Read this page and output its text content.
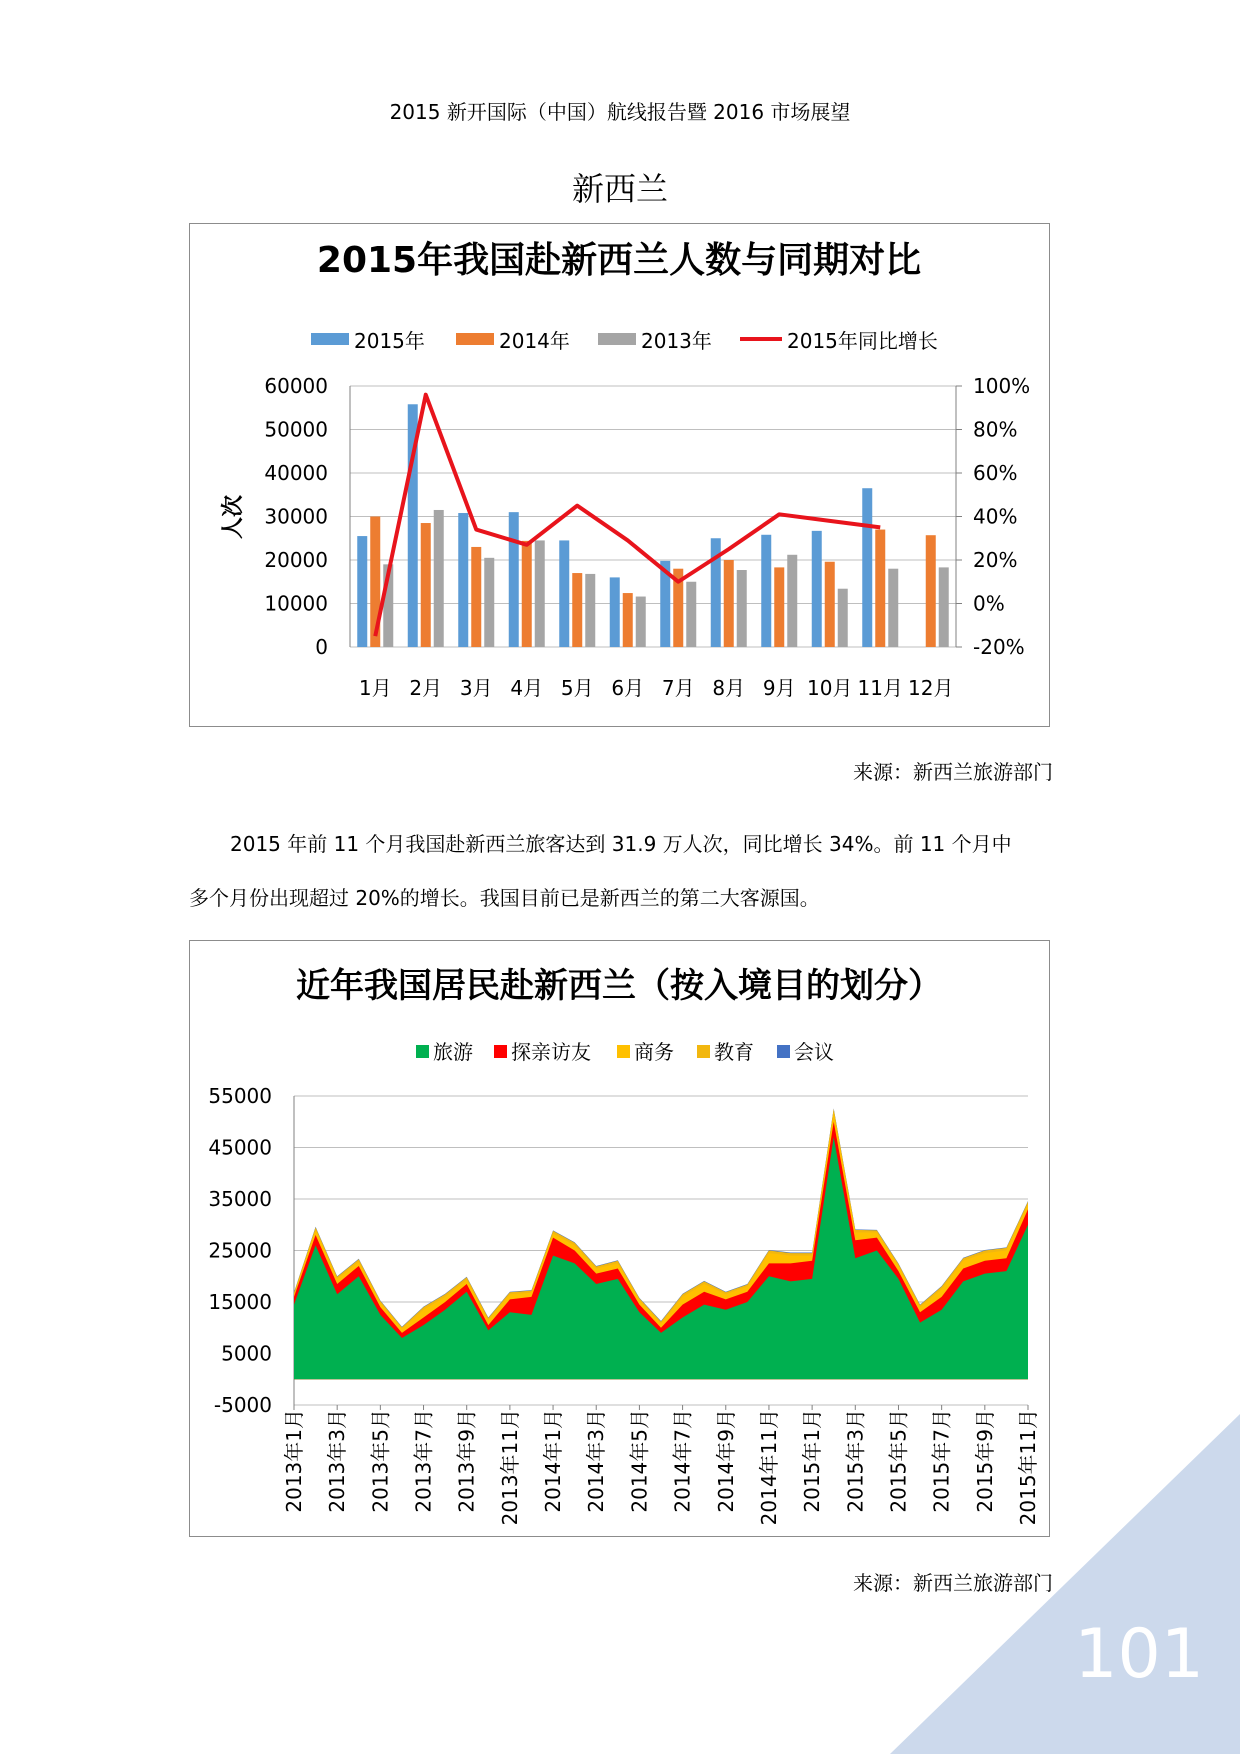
2015 新开国际（中国）航线报告暨 2016 市场展望
新西兰
2015年我国赴新西兰人数与同期对比
2015年	2014年	2013年	2015年同比增长
0
10000
20000
30000
40000
50000
60000
-20%
0%
20%
40%
60%
80%
100%
人次
1月 2月 3月 4月 5月 6月 7月 8月 9月 10月 11月 12月
来源：新西兰旅游部门
2015 年前 11 个月我国赴新西兰旅客达到 31.9 万人次，同比增长 34%。前 11 个月中
多个月份出现超过 20%的增长。我国目前已是新西兰的第二大客源国。
近年我国居民赴新西兰（按入境目的划分）
旅游 探亲访友 商务 教育 会议
-5000
5000
15000
25000
35000
45000
55000
2013年1月 2013年3月 2013年5月 2013年7月 2013年9月 2013年11月 2014年1月 2014年3月 2014年5月 2014年7月 2014年9月 2014年11月 2015年1月 2015年3月 2015年5月 2015年7月 2015年9月 2015年11月
来源：新西兰旅游部门
101
